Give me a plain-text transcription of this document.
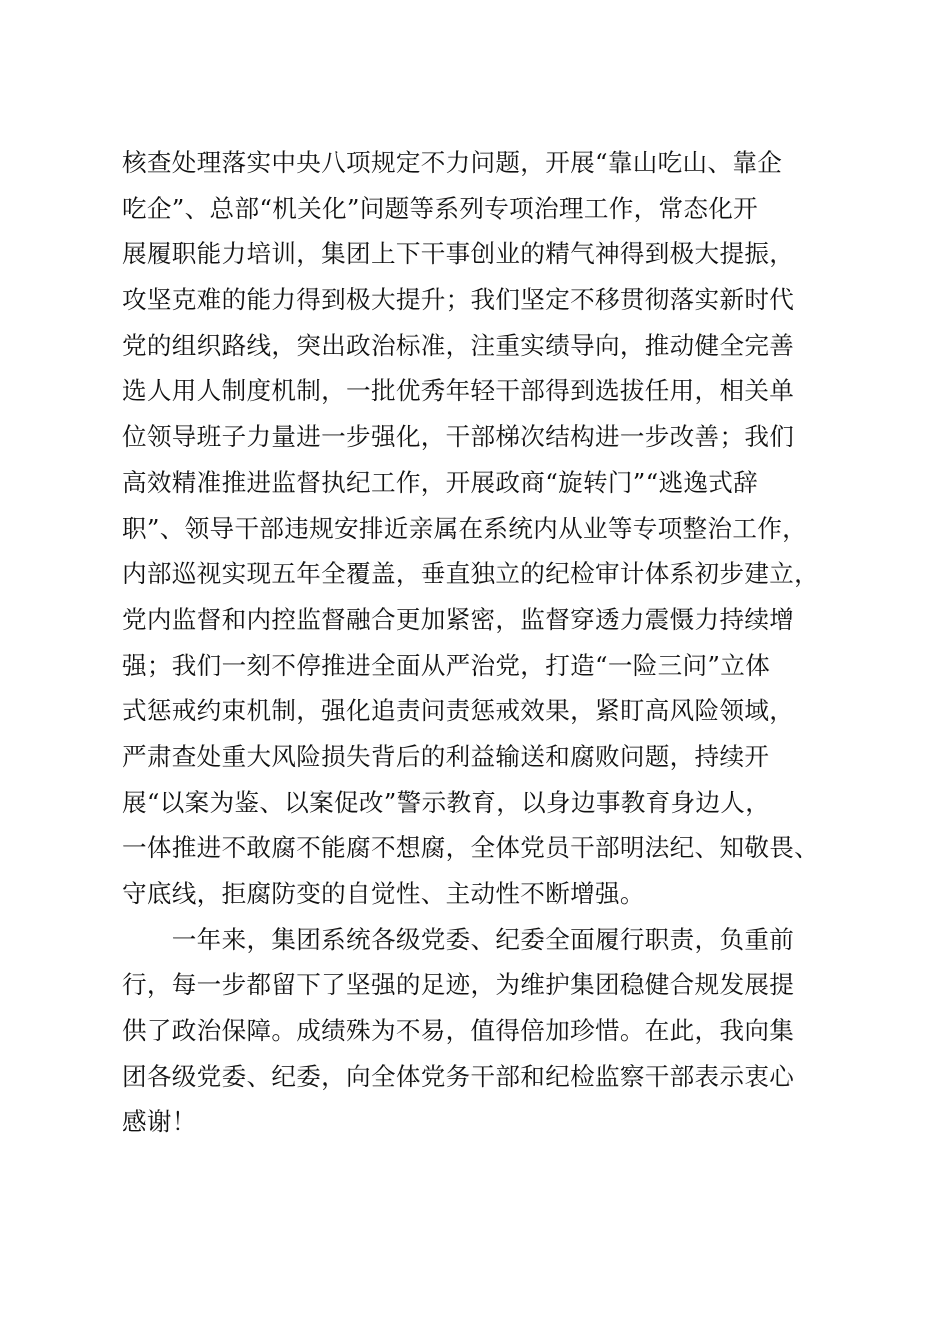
核查处理落实中央八项规定不力问题，开展“靠山吃山、靠企
吃企”、总部“机关化”问题等系列专项治理工作，常态化开
展履职能力培训，集团上下干事创业的精气神得到极大提振，
攻坚克难的能力得到极大提升；我们坚定不移贯彻落实新时代
党的组织路线，突出政治标准，注重实绩导向，推动健全完善
选人用人制度机制，一批优秀年轻干部得到选拔任用，相关单
位领导班子力量进一步强化，干部梯次结构进一步改善；我们
高效精准推进监督执纪工作，开展政商“旋转门”“逃逸式辞
职”、领导干部违规安排近亲属在系统内从业等专项整治工作，
内部巡视实现五年全覆盖，垂直独立的纪检审计体系初步建立，
党内监督和内控监督融合更加紧密，监督穿透力震慑力持续增
强；我们一刻不停推进全面从严治党，打造“一险三问”立体
式惩戒约束机制，强化追责问责惩戒效果，紧盯高风险领域，
严肃查处重大风险损失背后的利益输送和腐败问题，持续开
展“以案为鉴、以案促改”警示教育，以身边事教育身边人，
一体推进不敢腐不能腐不想腐，全体党员干部明法纪、知敬畏、
守底线，拒腐防变的自觉性、主动性不断增强。
　　一年来，集团系统各级党委、纪委全面履行职责，负重前
行，每一步都留下了坚强的足迹，为维护集团稳健合规发展提
供了政治保障。成绩殊为不易，值得倍加珍惜。在此，我向集
团各级党委、纪委，向全体党务干部和纪检监察干部表示衷心
感谢！
